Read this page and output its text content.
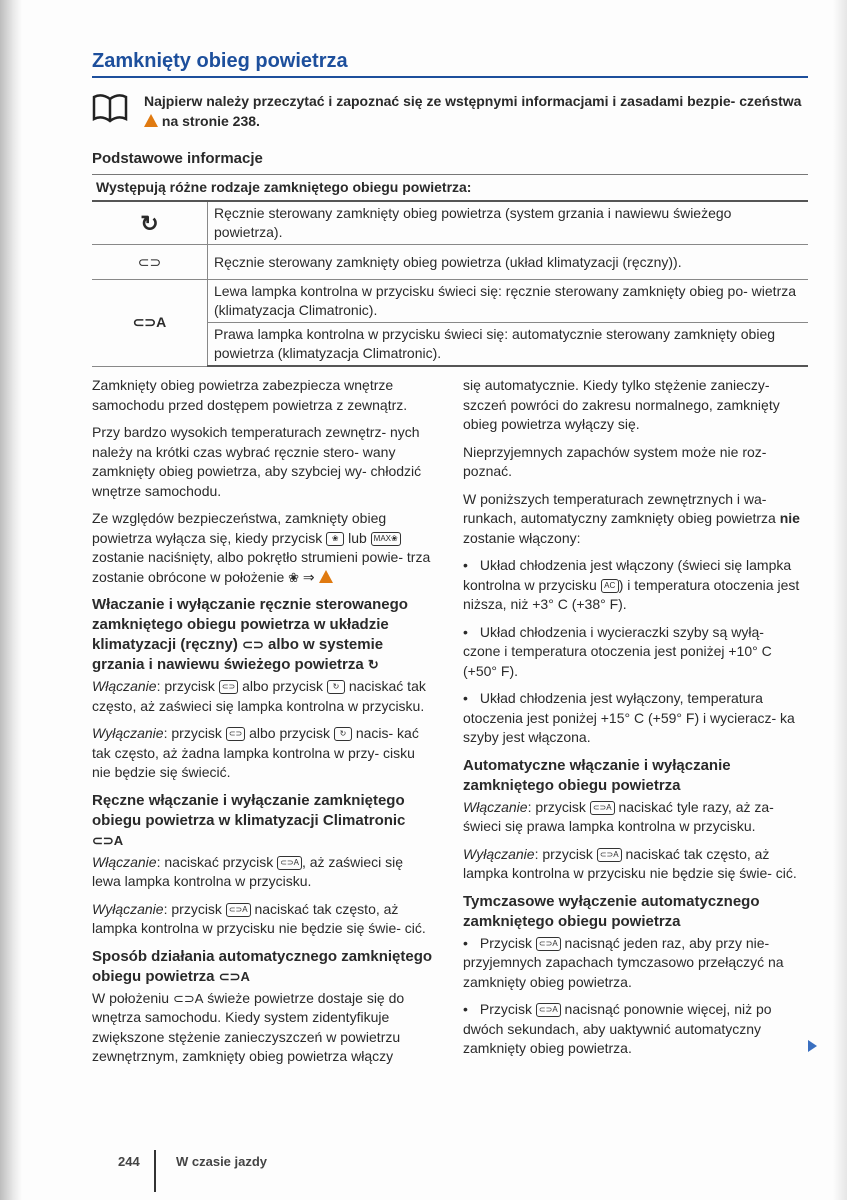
Zamknięty obieg powietrza
Najpierw należy przeczytać i zapoznać się ze wstępnymi informacjami i zasadami bezpie- czeństwa  na stronie 238.
Podstawowe informacje
Występują różne rodzaje zamkniętego obiegu powietrza:	
↻	Ręcznie sterowany zamknięty obieg powietrza (system grzania i nawiewu świeżego powietrza).
⊂⊃	Ręcznie sterowany zamknięty obieg powietrza (układ klimatyzacji (ręczny)).
⊂⊃A	Lewa lampka kontrolna w przycisku świeci się: ręcznie sterowany zamknięty obieg po- wietrza (klimatyzacja Climatronic).
	Prawa lampka kontrolna w przycisku świeci się: automatycznie sterowany zamknięty obieg powietrza (klimatyzacja Climatronic).

Zamknięty obieg powietrza zabezpiecza wnętrze samochodu przed dostępem powietrza z zewnątrz.

Przy bardzo wysokich temperaturach zewnętrz- nych należy na krótki czas wybrać ręcznie stero- wany zamknięty obieg powietrza, aby szybciej wy- chłodzić wnętrze samochodu.

Ze względów bezpieczeństwa, zamknięty obieg powietrza wyłącza się, kiedy przycisk ❀ lub MAX❀ zostanie naciśnięty, albo pokrętło strumieni powie- trza zostanie obrócone w położenie ❀ ⇒

Właczanie i wyłączanie ręcznie sterowanego zamkniętego obiegu powietrza w układzie klimatyzacji (ręczny) ⊂⊃ albo w systemie grzania i nawiewu świeżego powietrza ↻

Włączanie: przycisk ⊂⊃ albo przycisk ↻ naciskać tak często, aż zaświeci się lampka kontrolna w przycisku.

Wyłączanie: przycisk ⊂⊃ albo przycisk ↻ nacis- kać tak często, aż żadna lampka kontrolna w przy- cisku nie będzie się świecić.

Ręczne włączanie i wyłączanie zamkniętego obiegu powietrza w klimatyzacji Climatronic ⊂⊃A

Włączanie: naciskać przycisk ⊂⊃A , aż zaświeci się lewa lampka kontrolna w przycisku.

Wyłączanie: przycisk ⊂⊃A naciskać tak często, aż lampka kontrolna w przycisku nie będzie się świe- cić.

Sposób działania automatycznego zamkniętego obiegu powietrza ⊂⊃A

W położeniu ⊂⊃A świeże powietrze dostaje się do wnętrza samochodu. Kiedy system zidentyfikuje zwiększone stężenie zanieczyszczeń w powietrzu zewnętrznym, zamknięty obieg powietrza włączy

się automatycznie. Kiedy tylko stężenie zanieczy- szczeń powróci do zakresu normalnego, zamknięty obieg powietrza wyłączy się.

Nieprzyjemnych zapachów system może nie roz- poznać.

W poniższych temperaturach zewnętrznych i wa- runkach, automatyczny zamknięty obieg powietrza nie zostanie włączony:

• Układ chłodzenia jest włączony (świeci się lampka kontrolna w przycisku AC ) i temperatura otoczenia jest niższa, niż +3° C (+38° F).

• Układ chłodzenia i wycieraczki szyby są wyłą- czone i temperatura otoczenia jest poniżej +10° C (+50° F).

• Układ chłodzenia jest wyłączony, temperatura otoczenia jest poniżej +15° C (+59° F) i wycieracz- ka szyby jest włączona.

Automatyczne włączanie i wyłączanie zamkniętego obiegu powietrza

Włączanie: przycisk ⊂⊃A naciskać tyle razy, aż za- świeci się prawa lampka kontrolna w przycisku.

Wyłączanie: przycisk ⊂⊃A naciskać tak często, aż lampka kontrolna w przycisku nie będzie się świe- cić.

Tymczasowe wyłączenie automatycznego zamkniętego obiegu powietrza

• Przycisk ⊂⊃A nacisnąć jeden raz, aby przy nie- przyjemnych zapachach tymczasowo przełączyć na zamknięty obieg powietrza.

• Przycisk ⊂⊃A nacisnąć ponownie więcej, niż po dwóch sekundach, aby uaktywnić automatyczny zamknięty obieg powietrza.

244	W czasie jazdy
